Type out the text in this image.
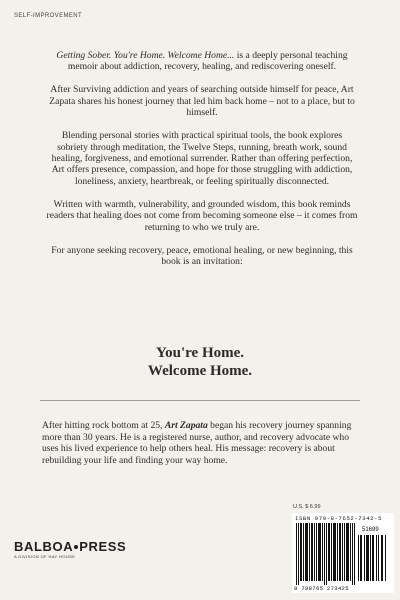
SELF-IMPROVEMENT

Getting Sober. You're Home. Welcome Home... is a deeply personal teaching memoir about addiction, recovery, healing, and rediscovering oneself.

After Surviving addiction and years of searching outside himself for peace, Art Zapata shares his honest journey that led him back home – not to a place, but to himself.

Blending personal stories with practical spiritual tools, the book explores sobriety through meditation, the Twelve Steps, running, breath work, sound healing, forgiveness, and emotional surrender. Rather than offering perfection, Art offers presence, compassion, and hope for those struggling with addiction, loneliness, anxiety, heartbreak, or feeling spiritually disconnected.

Written with warmth, vulnerability, and grounded wisdom, this book reminds readers that healing does not come from becoming someone else – it comes from returning to who we truly are.

For anyone seeking recovery, peace, emotional healing, or new beginning, this book is an invitation:

You're Home.
Welcome Home.
After hitting rock bottom at 25, Art Zapata began his recovery journey spanning more than 30 years. He is a registered nurse, author, and recovery advocate who uses his lived experience to help others heal. His message: recovery is about rebuilding your life and finding your way home.
BALBOA PRESS
A DIVISION OF HAY HOUSE
U.S. $ 6.99
ISBN 979-8-7652-7342-5
51699
9 798765 273425
